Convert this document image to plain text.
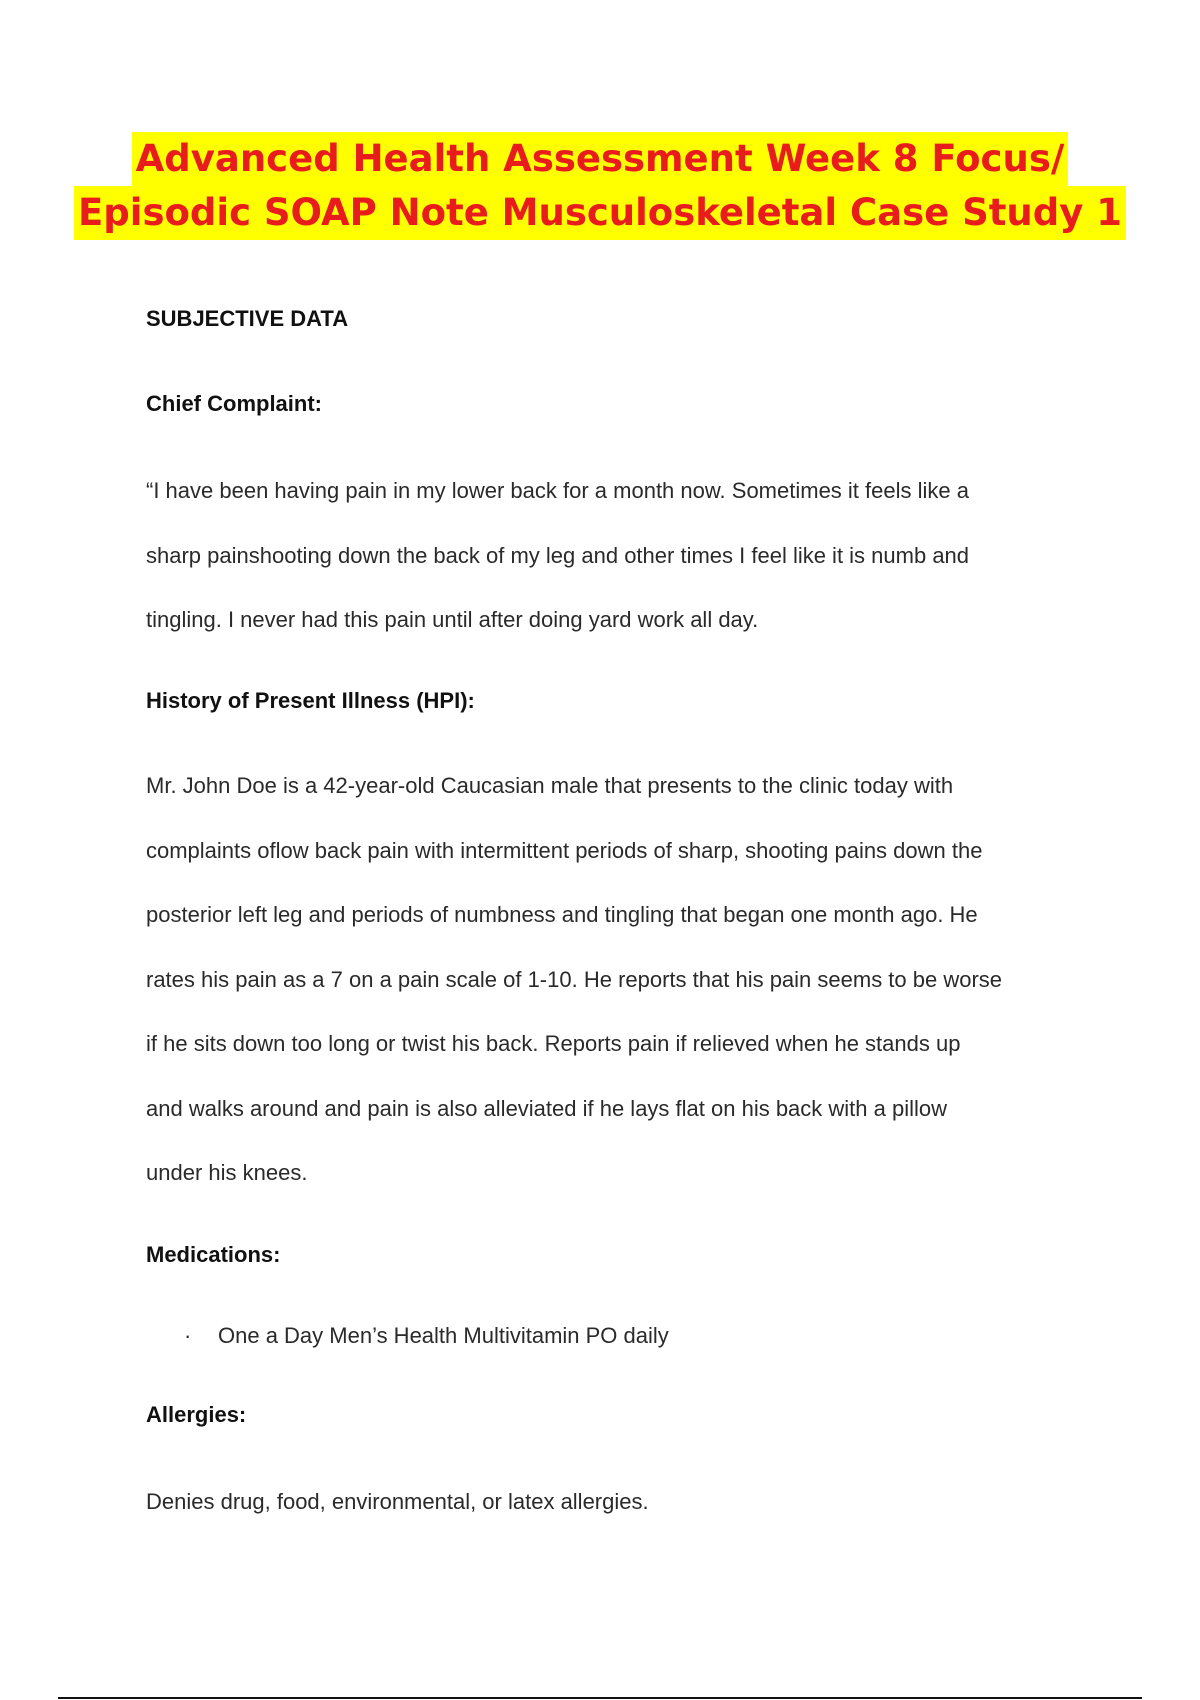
Advanced Health Assessment Week 8 Focus/
Episodic SOAP Note Musculoskeletal Case Study 1
SUBJECTIVE DATA
Chief Complaint:
“I have been having pain in my lower back for a month now. Sometimes it feels like a
sharp painshooting down the back of my leg and other times I feel like it is numb and
tingling. I never had this pain until after doing yard work all day.
History of Present Illness (HPI):
Mr. John Doe is a 42-year-old Caucasian male that presents to the clinic today with
complaints oflow back pain with intermittent periods of sharp, shooting pains down the
posterior left leg and periods of numbness and tingling that began one month ago. He
rates his pain as a 7 on a pain scale of 1-10. He reports that his pain seems to be worse
if he sits down too long or twist his back. Reports pain if relieved when he stands up
and walks around and pain is also alleviated if he lays flat on his back with a pillow
under his knees.
Medications:
· One a Day Men’s Health Multivitamin PO daily
Allergies:
Denies drug, food, environmental, or latex allergies.
